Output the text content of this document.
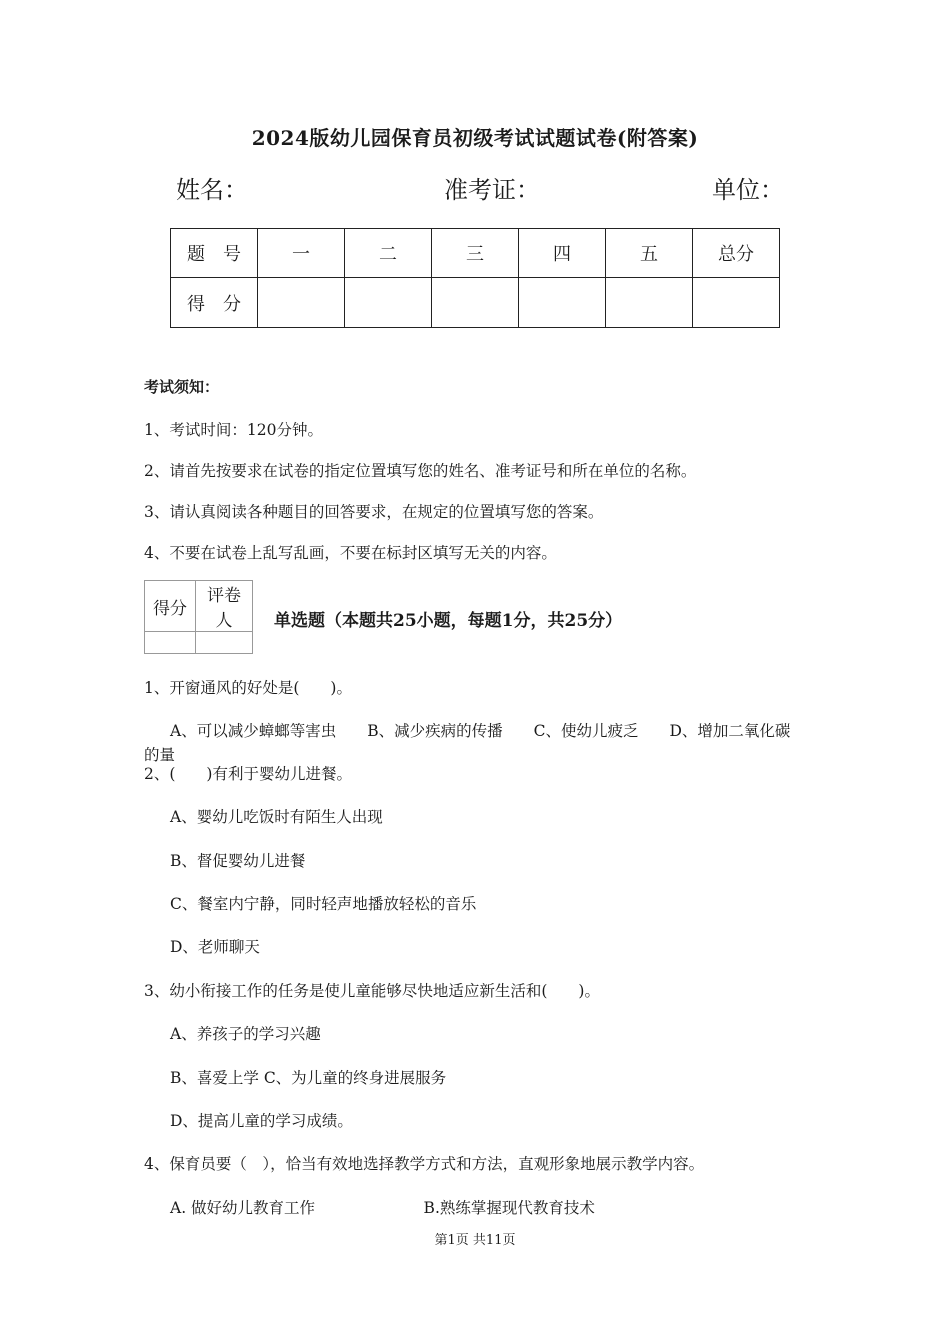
2024版幼儿园保育员初级考试试题试卷(附答案)
姓名：	准考证：	单位：
题　号	一	二	三	四	五	总分
得　分						
考试须知：
1、考试时间：120分钟。
2、请首先按要求在试卷的指定位置填写您的姓名、准考证号和所在单位的名称。
3、请认真阅读各种题目的回答要求，在规定的位置填写您的答案。
4、不要在试卷上乱写乱画，不要在标封区填写无关的内容。
得分	评卷人
	单选题（本题共25小题，每题1分，共25分）
1、开窗通风的好处是(　　)。
A、可以减少蟑螂等害虫　　B、减少疾病的传播　　C、使幼儿疲乏　　D、增加二氧化碳
的量
2、(　　)有利于婴幼儿进餐。
A、婴幼儿吃饭时有陌生人出现
B、督促婴幼儿进餐
C、餐室内宁静，同时轻声地播放轻松的音乐
D、老师聊天
3、幼小衔接工作的任务是使儿童能够尽快地适应新生活和(　　)。
A、养孩子的学习兴趣
B、喜爱上学 C、为儿童的终身进展服务
D、提高儿童的学习成绩。
4、保育员要（　），恰当有效地选择教学方式和方法，直观形象地展示教学内容。
A. 做好幼儿教育工作　　　　　　　B.熟练掌握现代教育技术
第1页 共11页
